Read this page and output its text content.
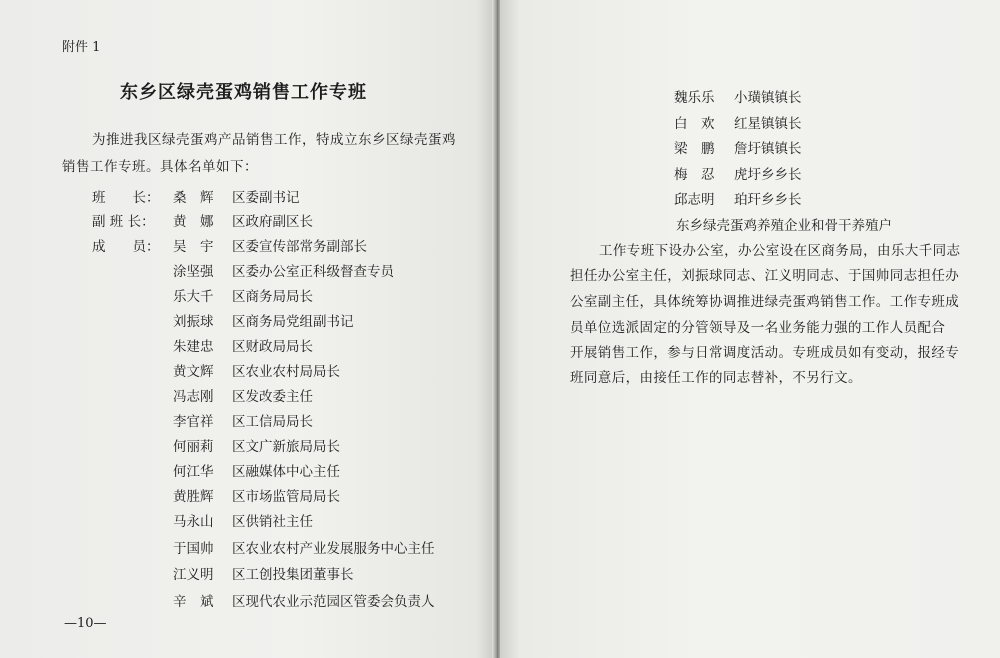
附件 1
东乡区绿壳蛋鸡销售工作专班
为推进我区绿壳蛋鸡产品销售工作，特成立东乡区绿壳蛋鸡
销售工作专班。具体名单如下：
班　　长：
副 班 长：
成　　员：
桑　辉 区委副书记
黄　娜 区政府副区长
吴　宇 区委宣传部常务副部长
涂坚强 区委办公室正科级督查专员
乐大千 区商务局局长
刘振球 区商务局党组副书记
朱建忠 区财政局局长
黄文辉 区农业农村局局长
冯志刚 区发改委主任
李官祥 区工信局局长
何丽莉 区文广新旅局局长
何江华 区融媒体中心主任
黄胜辉 区市场监管局局长
马永山 区供销社主任
于国帅 区农业农村产业发展服务中心主任
江义明 区工创投集团董事长
辛　斌 区现代农业示范园区管委会负责人
—10—
魏乐乐 小璜镇镇长
白　欢 红星镇镇长
梁　鹏 詹圩镇镇长
梅　忍 虎圩乡乡长
邱志明 珀玕乡乡长
东乡绿壳蛋鸡养殖企业和骨干养殖户
工作专班下设办公室，办公室设在区商务局，由乐大千同志
担任办公室主任，刘振球同志、江义明同志、于国帅同志担任办
公室副主任，具体统筹协调推进绿壳蛋鸡销售工作。工作专班成
员单位选派固定的分管领导及一名业务能力强的工作人员配合
开展销售工作，参与日常调度活动。专班成员如有变动，报经专
班同意后，由接任工作的同志替补，不另行文。
